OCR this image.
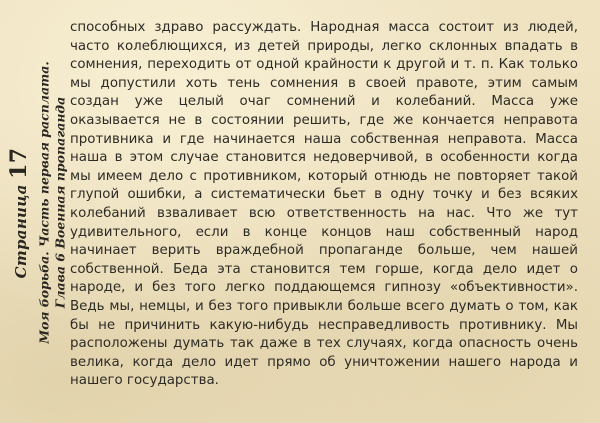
Страница 17 Моя борьба. Часть первая расплата. Глава 6 Военная пропаганда

способных здраво рассуждать. Народная масса состоит из людей, часто колеблющихся, из детей природы, легко склонных впадать в сомнения, переходить от одной крайности к другой и т. п. Как только мы допустили хоть тень сомнения в своей правоте, этим самым создан уже целый очаг сомнений и колебаний. Масса уже оказывается не в состоянии решить, где же кончается неправота противника и где начинается наша собственная неправота. Масса наша в этом случае становится недоверчивой, в особенности когда мы имеем дело с противником, который отнюдь не повторяет такой глупой ошибки, а систематически бьет в одну точку и без всяких колебаний взваливает всю ответственность на нас. Что же тут удивительного, если в конце концов наш собственный народ начинает верить враждебной пропаганде больше, чем нашей собственной. Беда эта становится тем горше, когда дело идет о народе, и без того легко поддающемся гипнозу «объективности». Ведь мы, немцы, и без того привыкли больше всего думать о том, как бы не причинить какую-нибудь несправедливость противнику. Мы расположены думать так даже в тех случаях, когда опасность очень велика, когда дело идет прямо об уничтожении нашего народа и нашего государства.
